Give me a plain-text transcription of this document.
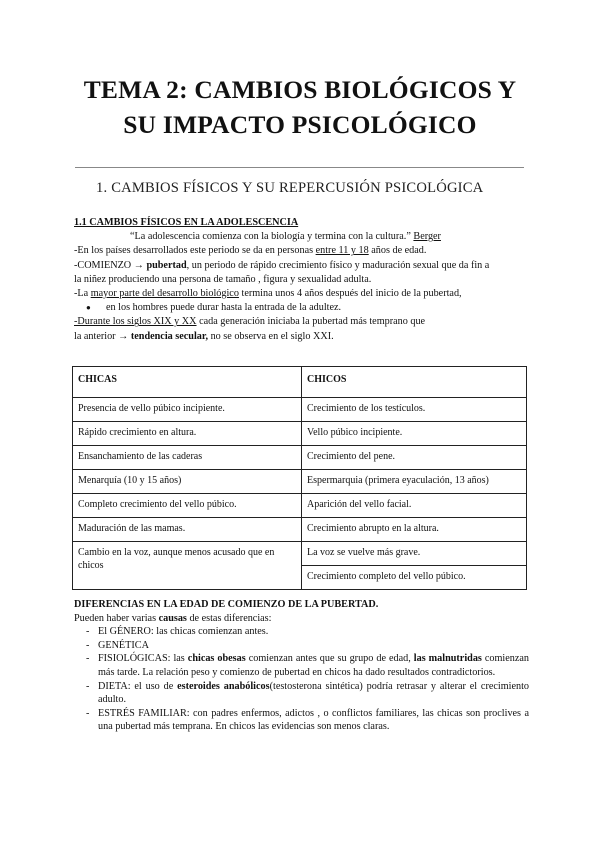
TEMA 2: CAMBIOS BIOLÓGICOS Y
SU IMPACTO PSICOLÓGICO
1. CAMBIOS FÍSICOS Y SU REPERCUSIÓN PSICOLÓGICA

1.1 CAMBIOS FÍSICOS EN LA ADOLESCENCIA

“La adolescencia comienza con la biología y termina con la cultura.” Berger

-En los países desarrollados este periodo se da en personas entre 11 y 18 años de edad.

-COMIENZO → pubertad, un periodo de rápido crecimiento físico y maduración sexual que da fin a

la niñez produciendo una persona de tamaño , figura y sexualidad adulta.

-La mayor parte del desarrollo biológico termina unos 4 años después del inicio de la pubertad,

● en los hombres puede durar hasta la entrada de la adultez.

-Durante los siglos XIX y XX cada generación iniciaba la pubertad más temprano que

la anterior → tendencia secular, no se observa en el siglo XXI.

CHICAS	CHICOS
Presencia de vello púbico incipiente.	Crecimiento de los testículos.
Rápido crecimiento en altura.	Vello púbico incipiente.
Ensanchamiento de las caderas	Crecimiento del pene.
Menarquía (10 y 15 años)	Espermarquia (primera eyaculación, 13 años)
Completo crecimiento del vello púbico.	Aparición del vello facial.
Maduración de las mamas.	Crecimiento abrupto en la altura.
Cambio en la voz, aunque menos acusado que en chicos	La voz se vuelve más grave.
	Crecimiento completo del vello púbico.

DIFERENCIAS EN LA EDAD DE COMIENZO DE LA PUBERTAD.

Pueden haber varias causas de estas diferencias:

- El GÉNERO: las chicas comienzan antes.
- GENÉTICA
- FISIOLÓGICAS: las chicas obesas comienzan antes que su grupo de edad, las malnutridas comienzan más tarde. La relación peso y comienzo de pubertad en chicos ha dado resultados contradictorios.
- DIETA: el uso de esteroides anabólicos(testosterona sintética) podría retrasar y alterar el crecimiento adulto.
- ESTRÉS FAMILIAR: con padres enfermos, adictos , o conflictos familiares, las chicas son proclives a una pubertad más temprana. En chicos las evidencias son menos claras.
